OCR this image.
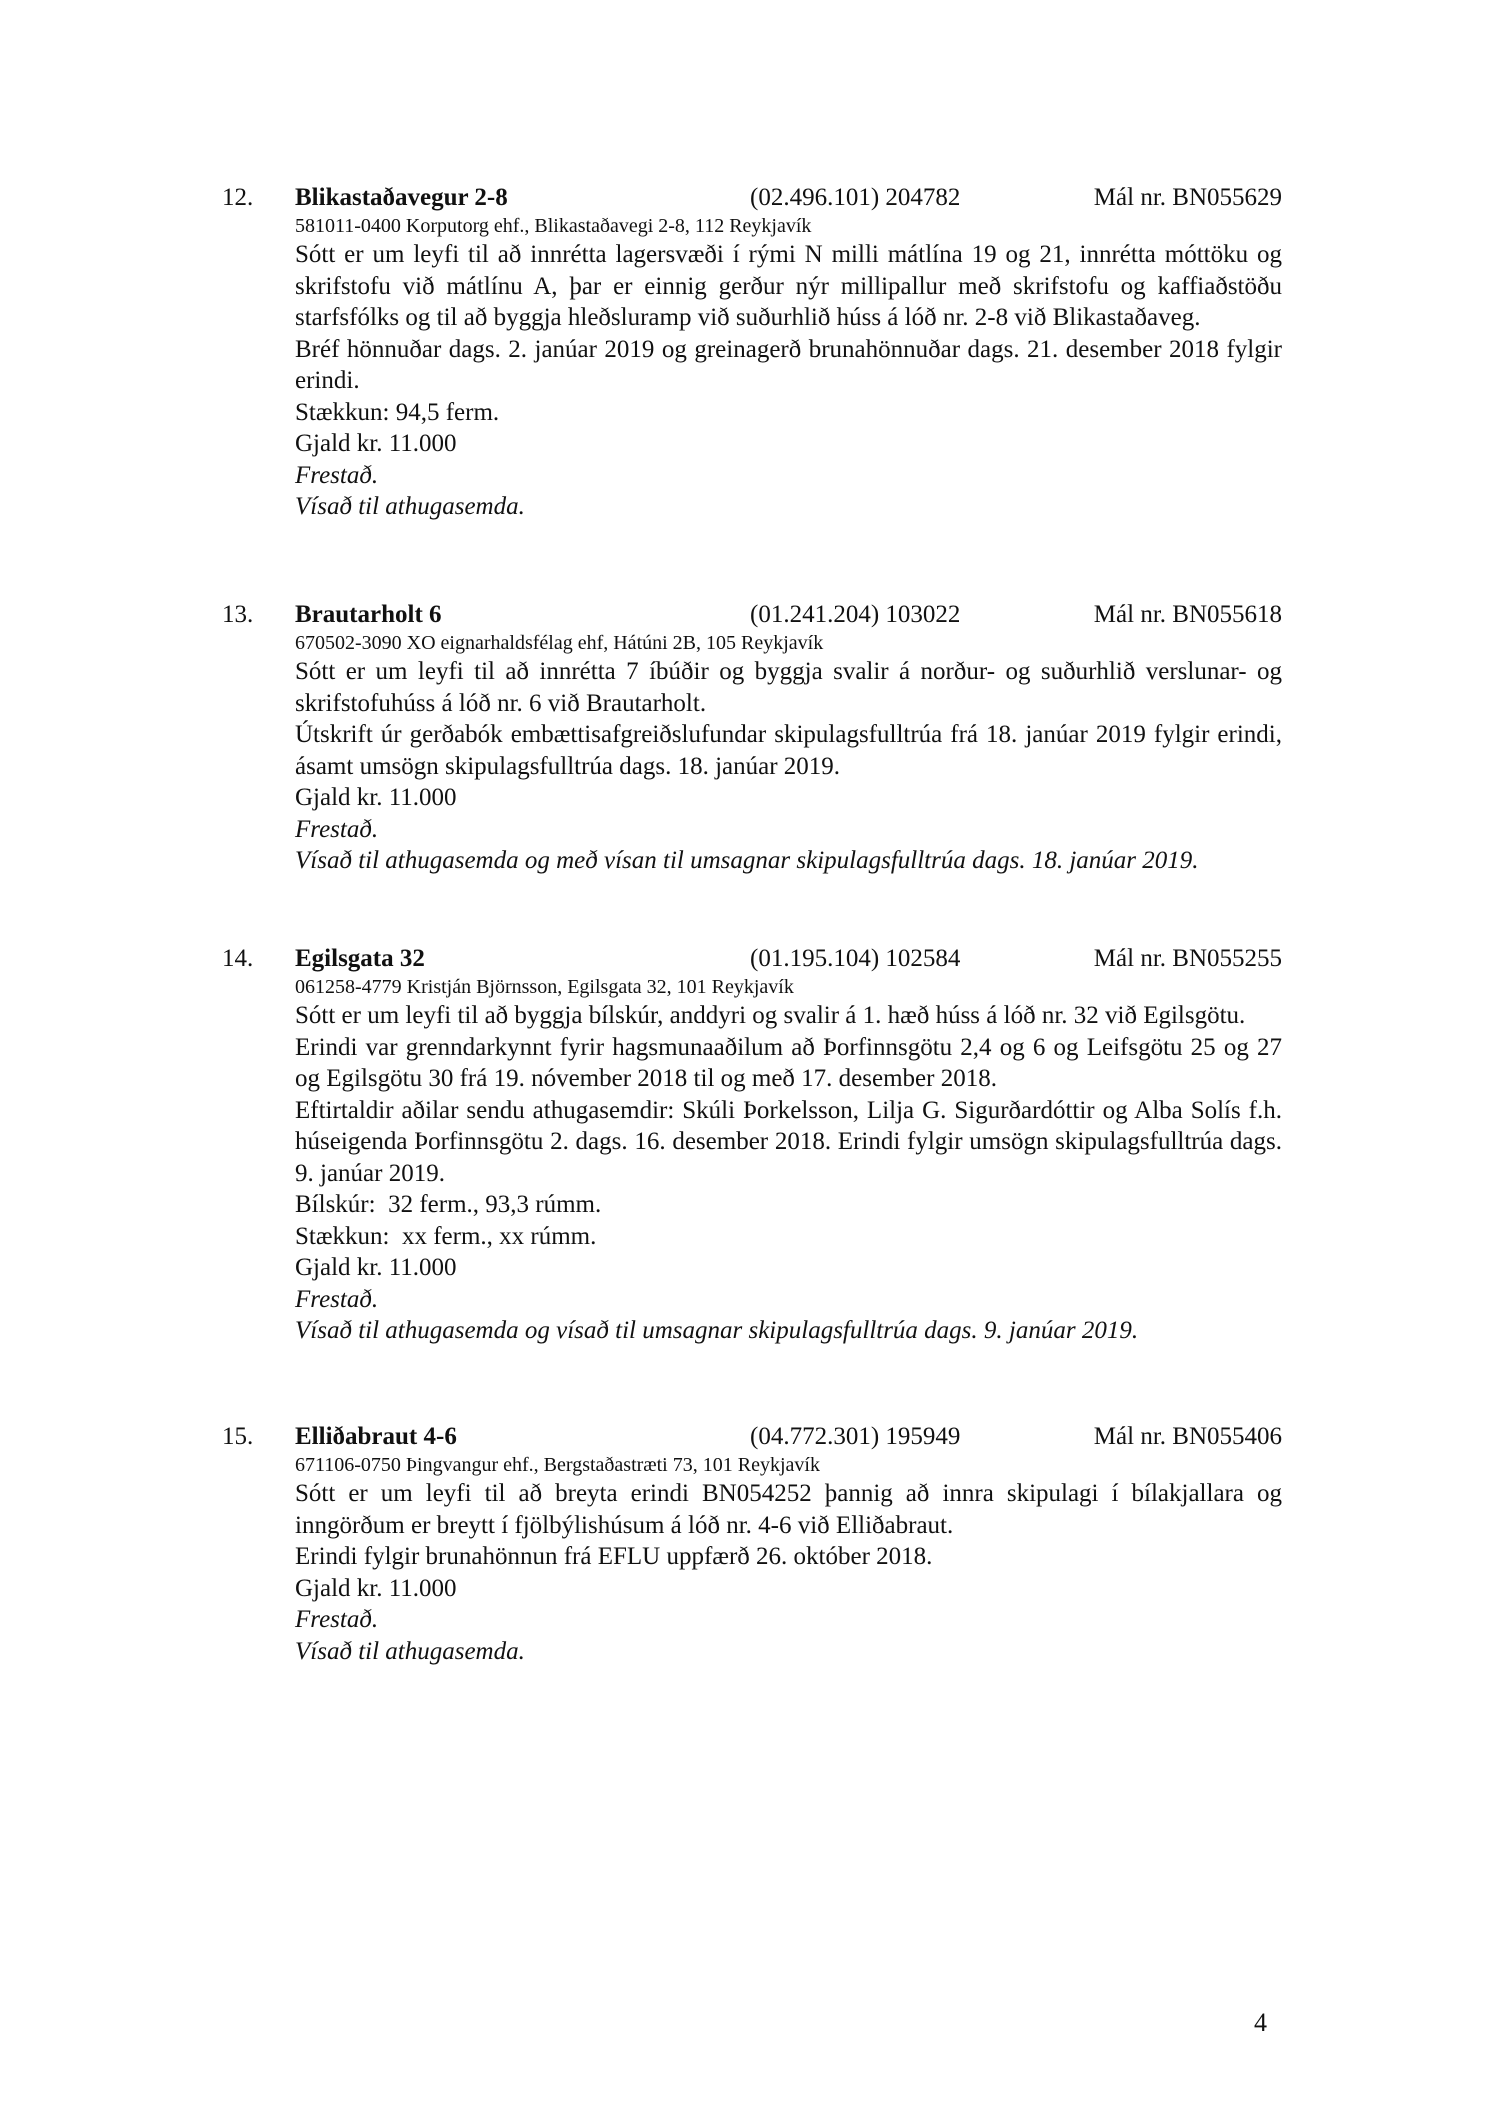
12. Blikastaðavegur 2-8	(02.496.101) 204782	Mál nr. BN055629
581011-0400 Korputorg ehf., Blikastaðavegi 2-8, 112 Reykjavík

Sótt er um leyfi til að innrétta lagersvæði í rými N milli mátlína 19 og 21, innrétta móttöku og skrifstofu við mátlínu A, þar er einnig gerður nýr millipallur með skrifstofu og kaffiaðstöðu starfsfólks og til að byggja hleðsluramp við suðurhlið húss á lóð nr. 2-8 við Blikastaðaveg.

Bréf hönnuðar dags. 2. janúar 2019 og greinagerð brunahönnuðar dags. 21. desember 2018 fylgir erindi.

Stækkun: 94,5 ferm.

Gjald kr. 11.000

Frestað.

Vísað til athugasemda.

13. Brautarholt 6	(01.241.204) 103022	Mál nr. BN055618
670502-3090 XO eignarhaldsfélag ehf, Hátúni 2B, 105 Reykjavík

Sótt er um leyfi til að innrétta 7 íbúðir og byggja svalir á norður- og suðurhlið verslunar- og skrifstofuhúss á lóð nr. 6 við Brautarholt.

Útskrift úr gerðabók embættisafgreiðslufundar skipulagsfulltrúa frá 18. janúar 2019 fylgir erindi, ásamt umsögn skipulagsfulltrúa dags. 18. janúar 2019.

Gjald kr. 11.000

Frestað.

Vísað til athugasemda og með vísan til umsagnar skipulagsfulltrúa dags. 18. janúar 2019.

14. Egilsgata 32	(01.195.104) 102584	Mál nr. BN055255
061258-4779 Kristján Björnsson, Egilsgata 32, 101 Reykjavík

Sótt er um leyfi til að byggja bílskúr, anddyri og svalir á 1. hæð húss á lóð nr. 32 við Egilsgötu.

Erindi var grenndarkynnt fyrir hagsmunaaðilum að Þorfinnsgötu 2,4 og 6 og Leifsgötu 25 og 27 og Egilsgötu 30 frá 19. nóvember 2018 til og með 17. desember 2018.

Eftirtaldir aðilar sendu athugasemdir: Skúli Þorkelsson, Lilja G. Sigurðardóttir og Alba Solís f.h. húseigenda Þorfinnsgötu 2. dags. 16. desember 2018. Erindi fylgir umsögn skipulagsfulltrúa dags. 9. janúar 2019.

Bílskúr:  32 ferm., 93,3 rúmm.

Stækkun:  xx ferm., xx rúmm.

Gjald kr. 11.000

Frestað.

Vísað til athugasemda og vísað til umsagnar skipulagsfulltrúa dags. 9. janúar 2019.

15. Elliðabraut 4-6	(04.772.301) 195949	Mál nr. BN055406
671106-0750 Þingvangur ehf., Bergstaðastræti 73, 101 Reykjavík

Sótt er um leyfi til að breyta erindi BN054252 þannig að innra skipulagi í bílakjallara og inngörðum er breytt í fjölbýlishúsum á lóð nr. 4-6 við Elliðabraut.

Erindi fylgir brunahönnun frá EFLU uppfærð 26. október 2018.

Gjald kr. 11.000

Frestað.

Vísað til athugasemda.

4
